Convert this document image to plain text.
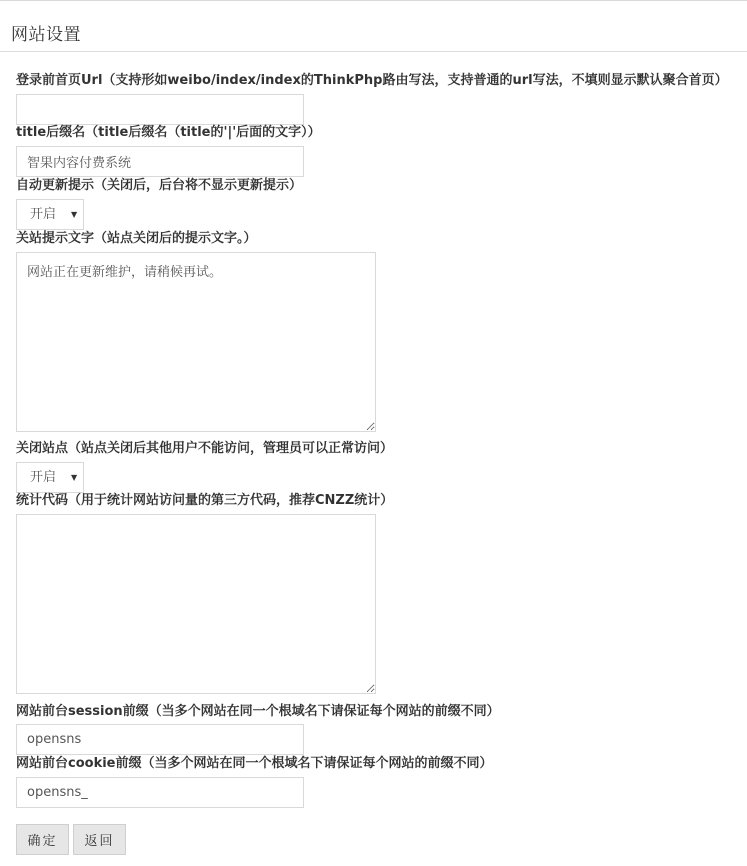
网站设置
登录前首页Url（支持形如weibo/index/index的ThinkPhp路由写法，支持普通的url写法，不填则显示默认聚合首页）
title后缀名（title后缀名（title的'|'后面的文字））
智果内容付费系统
自动更新提示（关闭后，后台将不显示更新提示）
开启 ▼
关站提示文字（站点关闭后的提示文字。）
网站正在更新维护，请稍候再试。
关闭站点（站点关闭后其他用户不能访问，管理员可以正常访问）
开启 ▼
统计代码（用于统计网站访问量的第三方代码，推荐CNZZ统计）
网站前台session前缀（当多个网站在同一个根域名下请保证每个网站的前缀不同）
opensns
网站前台cookie前缀（当多个网站在同一个根域名下请保证每个网站的前缀不同）
opensns_
确定	返回
